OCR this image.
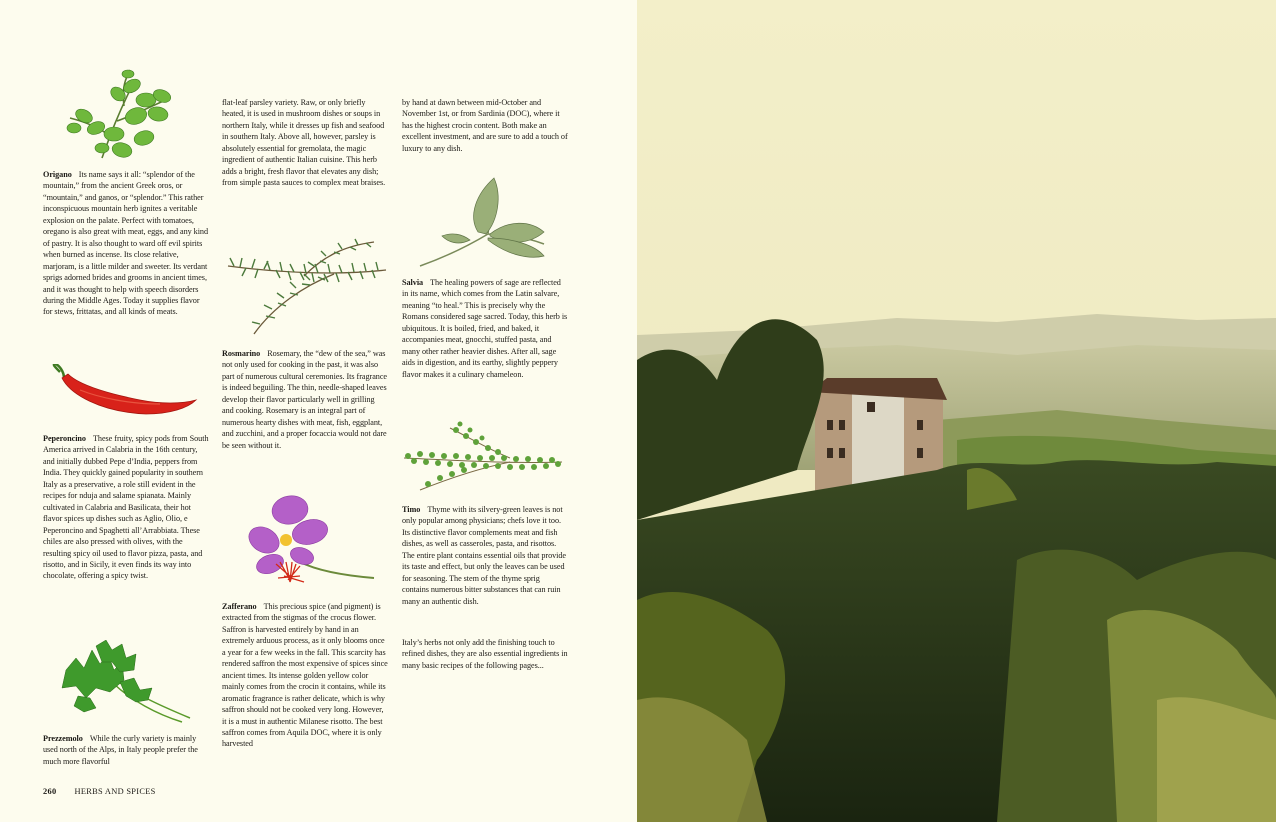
Origano Its name says it all: “splendor of the mountain,” from the ancient Greek oros, or “mountain,” and ganos, or “splendor.” This rather inconspicuous mountain herb ignites a veritable explosion on the palate. Perfect with tomatoes, oregano is also great with meat, eggs, and any kind of pastry. It is also thought to ward off evil spirits when burned as incense. Its close relative, marjoram, is a little milder and sweeter. Its verdant sprigs adorned brides and grooms in ancient times, and it was thought to help with speech disorders during the Middle Ages. Today it supplies flavor for stews, frittatas, and all kinds of meats.

Peperoncino These fruity, spicy pods from South America arrived in Calabria in the 16th century, and initially dubbed Pepe d’India, peppers from India. They quickly gained popularity in southern Italy as a preservative, a role still evident in the recipes for nduja and salame spianata. Mainly cultivated in Calabria and Basilicata, their hot flavor spices up dishes such as Aglio, Olio, e Peperoncino and Spaghetti all’Arrabbiata. These chiles are also pressed with olives, with the resulting spicy oil used to flavor pizza, pasta, and risotto, and in Sicily, it even finds its way into chocolate, offering a spicy twist.

Prezzemolo While the curly variety is mainly used north of the Alps, in Italy people prefer the much more flavorful

flat-leaf parsley variety. Raw, or only briefly heated, it is used in mushroom dishes or soups in northern Italy, while it dresses up fish and seafood in southern Italy. Above all, however, parsley is absolutely essential for gremolata, the magic ingredient of authentic Italian cuisine. This herb adds a bright, fresh flavor that elevates any dish; from simple pasta sauces to complex meat braises.

Rosmarino Rosemary, the “dew of the sea,” was not only used for cooking in the past, it was also part of numerous cultural ceremonies. Its fragrance is indeed beguiling. The thin, needle-shaped leaves develop their flavor particularly well in grilling and cooking. Rosemary is an integral part of numerous hearty dishes with meat, fish, eggplant, and zucchini, and a proper focaccia would not dare be seen without it.

Zafferano This precious spice (and pigment) is extracted from the stigmas of the crocus flower. Saffron is harvested entirely by hand in an extremely arduous process, as it only blooms once a year for a few weeks in the fall. This scarcity has rendered saffron the most expensive of spices since ancient times. Its intense golden yellow color mainly comes from the crocin it contains, while its aromatic fragrance is rather delicate, which is why saffron should not be cooked very long. However, it is a must in authentic Milanese risotto. The best saffron comes from Aquila DOC, where it is only harvested

by hand at dawn between mid-October and November 1st, or from Sardinia (DOC), where it has the highest crocin content. Both make an excellent investment, and are sure to add a touch of luxury to any dish.

Salvia The healing powers of sage are reflected in its name, which comes from the Latin salvare, meaning “to heal.” This is precisely why the Romans considered sage sacred. Today, this herb is ubiquitous. It is boiled, fried, and baked, it accompanies meat, gnocchi, stuffed pasta, and many other rather heavier dishes. After all, sage aids in digestion, and its earthy, slightly peppery flavor makes it a culinary chameleon.

Timo Thyme with its silvery-green leaves is not only popular among physicians; chefs love it too. Its distinctive flavor complements meat and fish dishes, as well as casseroles, pasta, and risottos. The entire plant contains essential oils that provide its taste and effect, but only the leaves can be used for seasoning. The stem of the thyme sprig contains numerous bitter substances that can ruin many an authentic dish.

Italy’s herbs not only add the finishing touch to refined dishes, they are also essential ingredients in many basic recipes of the following pages...

260 HERBS AND SPICES
